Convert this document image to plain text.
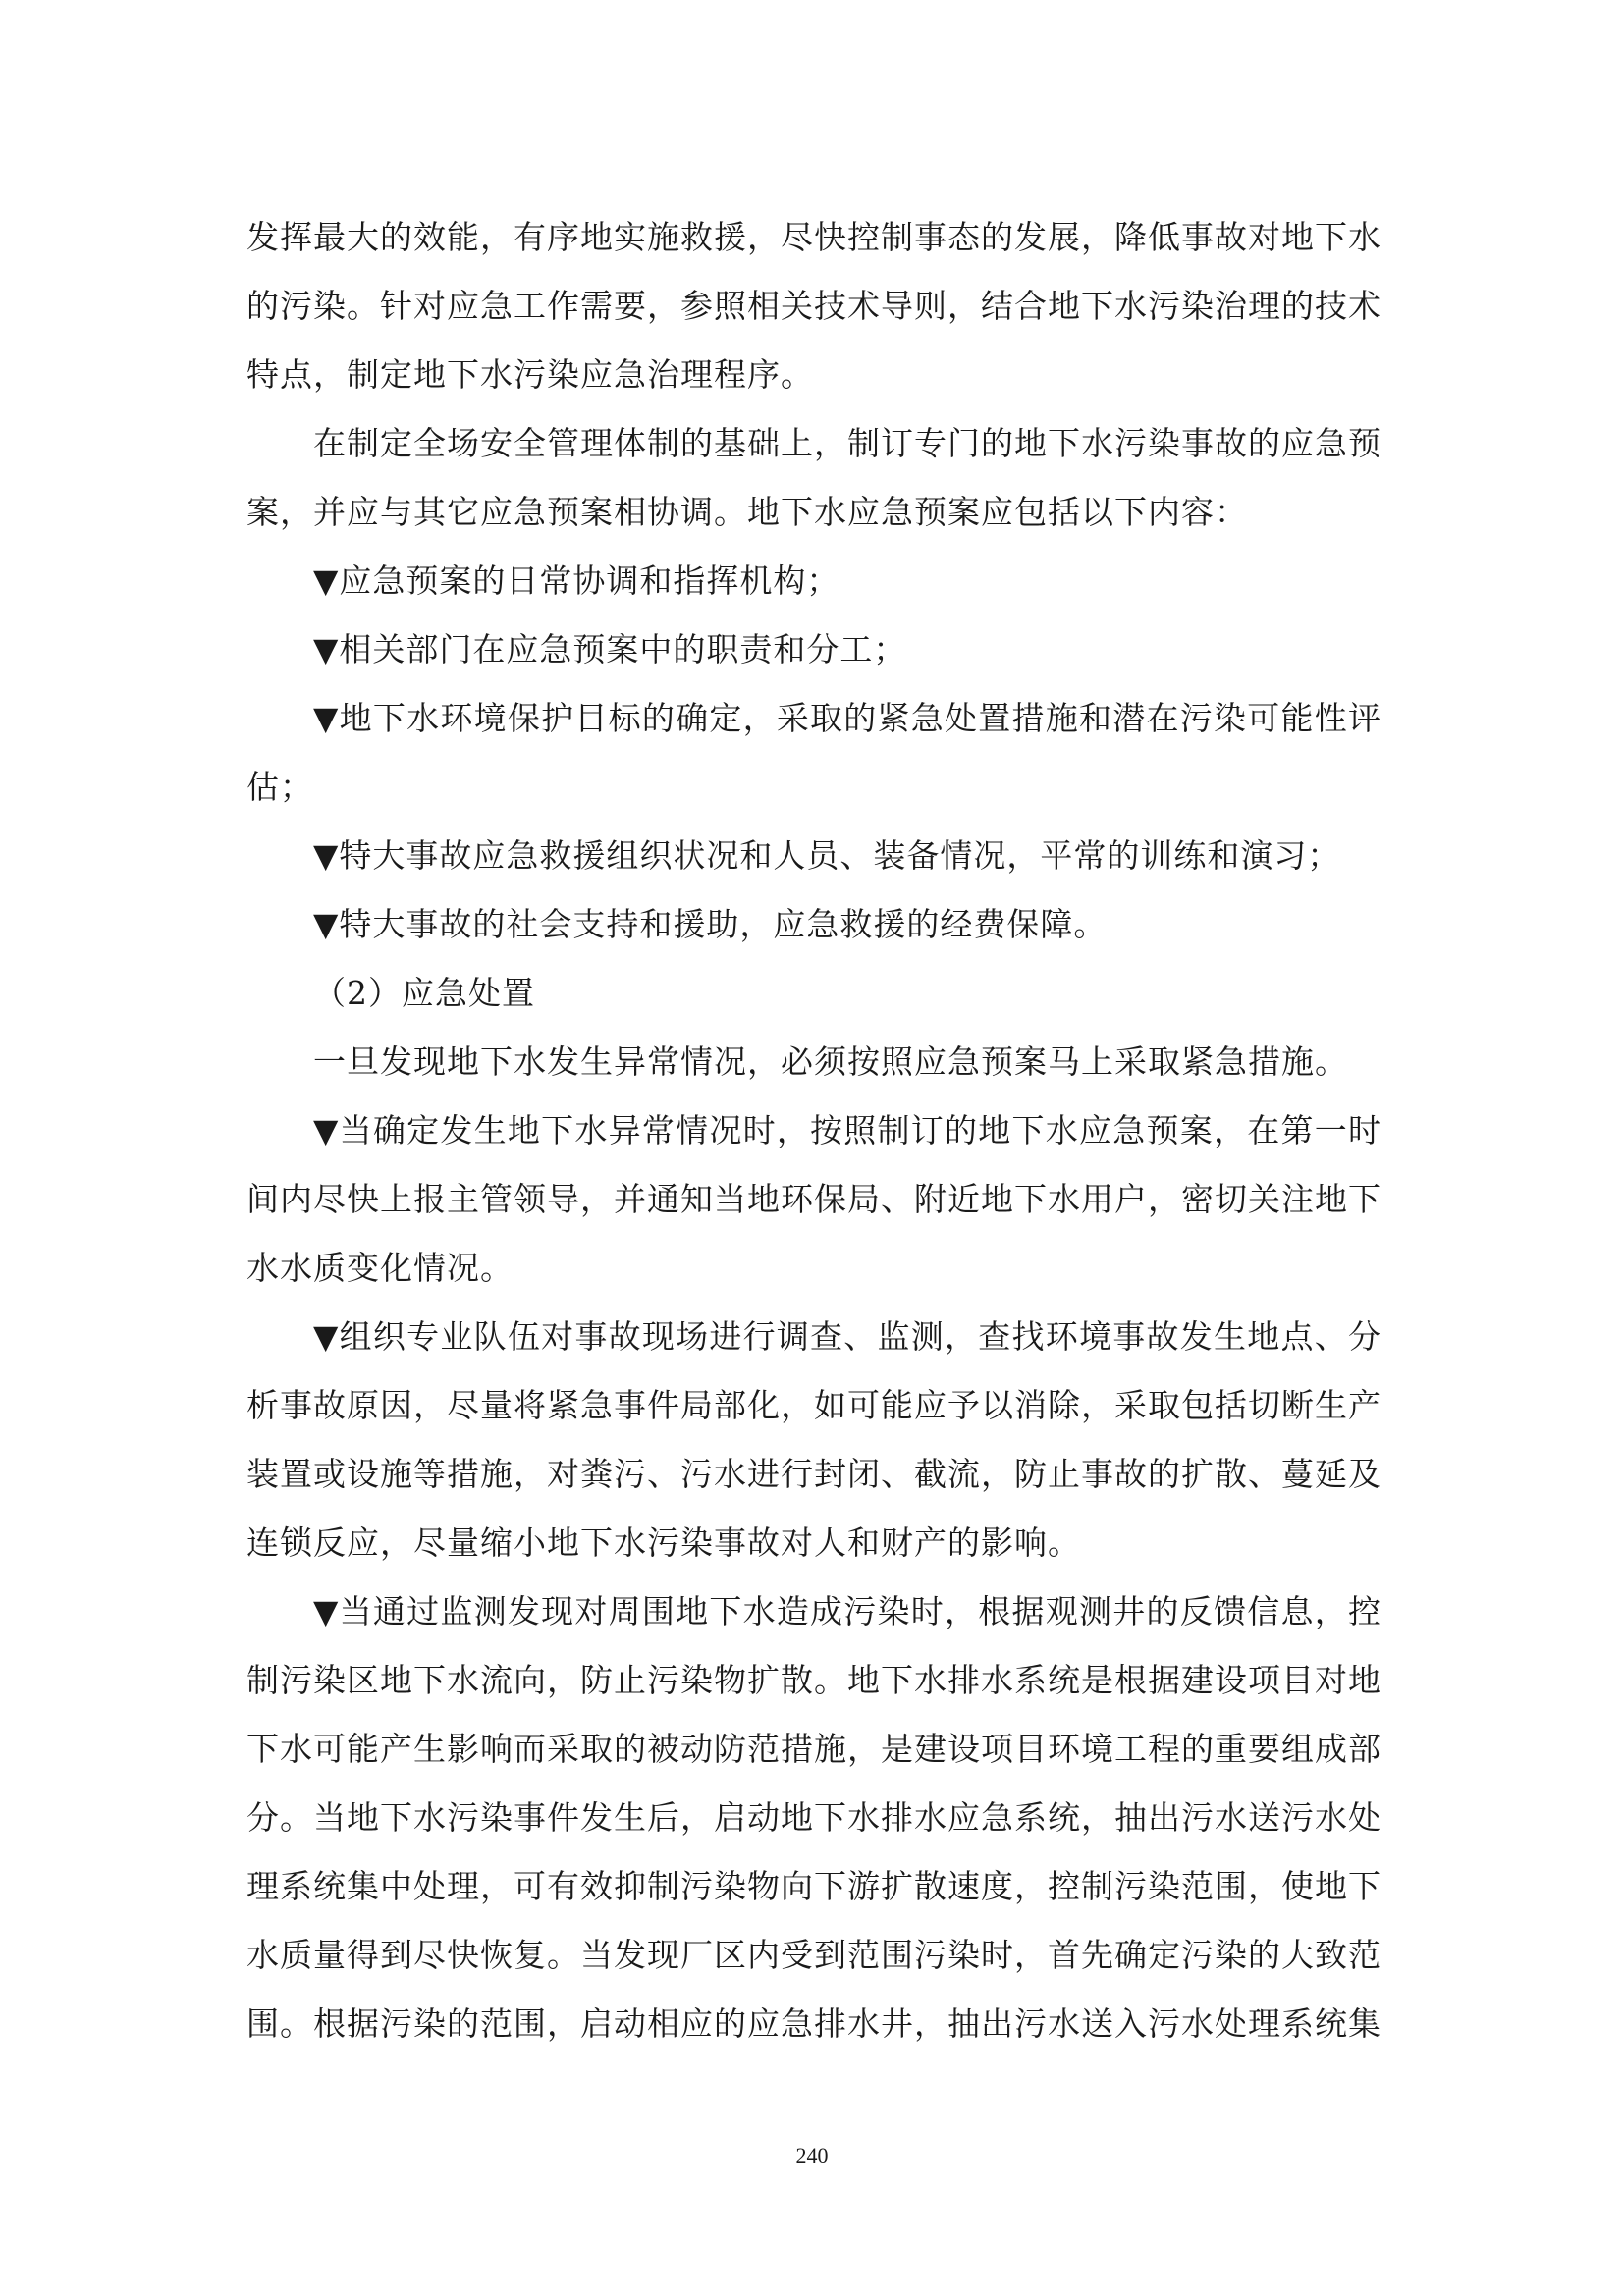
发挥最大的效能，有序地实施救援，尽快控制事态的发展，降低事故对地下水的污染。针对应急工作需要，参照相关技术导则，结合地下水污染治理的技术特点，制定地下水污染应急治理程序。

在制定全场安全管理体制的基础上，制订专门的地下水污染事故的应急预案，并应与其它应急预案相协调。地下水应急预案应包括以下内容：

▼应急预案的日常协调和指挥机构；

▼相关部门在应急预案中的职责和分工；

▼地下水环境保护目标的确定，采取的紧急处置措施和潜在污染可能性评估；

▼特大事故应急救援组织状况和人员、装备情况，平常的训练和演习；

▼特大事故的社会支持和援助，应急救援的经费保障。

（2）应急处置

一旦发现地下水发生异常情况，必须按照应急预案马上采取紧急措施。

▼当确定发生地下水异常情况时，按照制订的地下水应急预案，在第一时间内尽快上报主管领导，并通知当地环保局、附近地下水用户，密切关注地下水水质变化情况。

▼组织专业队伍对事故现场进行调查、监测，查找环境事故发生地点、分析事故原因，尽量将紧急事件局部化，如可能应予以消除，采取包括切断生产装置或设施等措施，对粪污、污水进行封闭、截流，防止事故的扩散、蔓延及连锁反应，尽量缩小地下水污染事故对人和财产的影响。

▼当通过监测发现对周围地下水造成污染时，根据观测井的反馈信息，控制污染区地下水流向，防止污染物扩散。地下水排水系统是根据建设项目对地下水可能产生影响而采取的被动防范措施，是建设项目环境工程的重要组成部分。当地下水污染事件发生后，启动地下水排水应急系统，抽出污水送污水处理系统集中处理，可有效抑制污染物向下游扩散速度，控制污染范围，使地下水质量得到尽快恢复。当发现厂区内受到范围污染时，首先确定污染的大致范围。根据污染的范围，启动相应的应急排水井，抽出污水送入污水处理系统集

240
